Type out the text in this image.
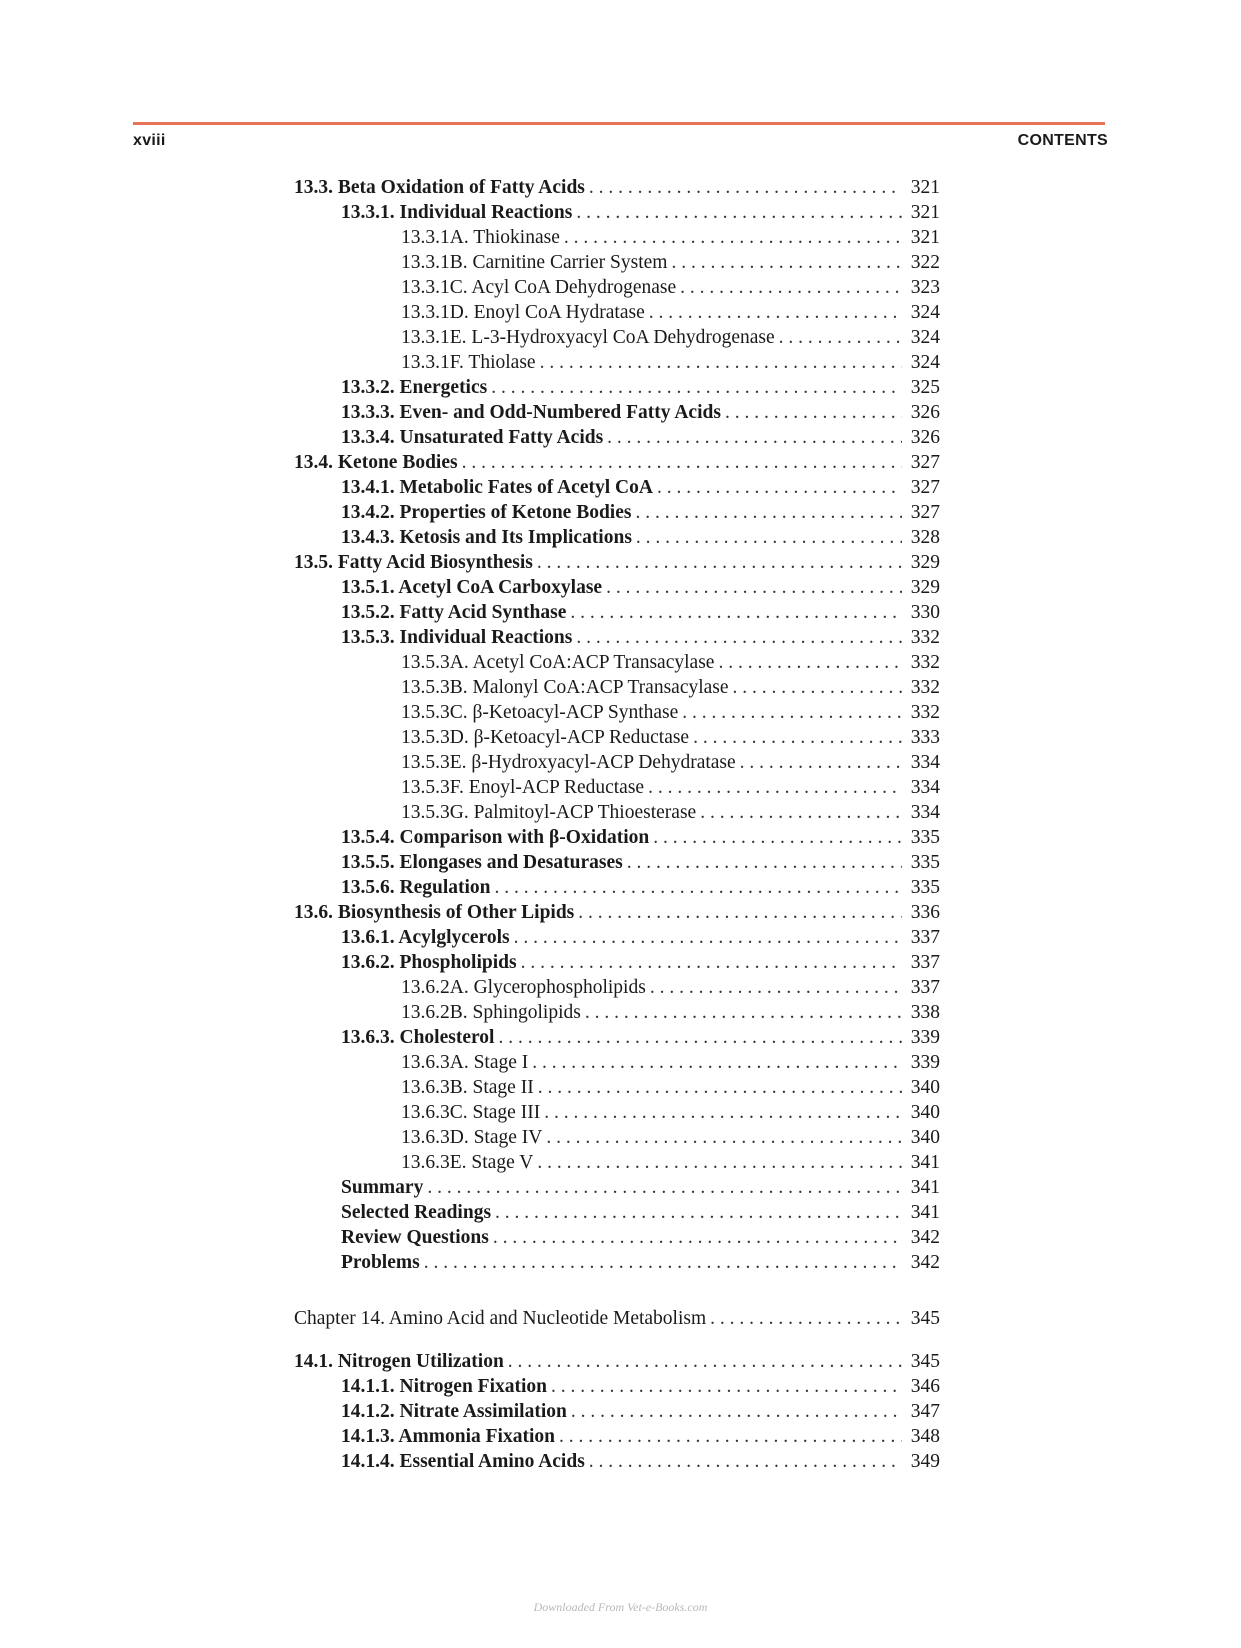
xviii	CONTENTS
13.3. Beta Oxidation of Fatty Acids . . .	321
13.3.1. Individual Reactions . . .	321
13.3.1A. Thiokinase . . .	321
13.3.1B. Carnitine Carrier System . . .	322
13.3.1C. Acyl CoA Dehydrogenase . . .	323
13.3.1D. Enoyl CoA Hydratase . . .	324
13.3.1E. L-3-Hydroxyacyl CoA Dehydrogenase . . .	324
13.3.1F. Thiolase . . .	324
13.3.2. Energetics . . .	325
13.3.3. Even- and Odd-Numbered Fatty Acids . . .	326
13.3.4. Unsaturated Fatty Acids . . .	326
13.4. Ketone Bodies . . .	327
13.4.1. Metabolic Fates of Acetyl CoA . . .	327
13.4.2. Properties of Ketone Bodies . . .	327
13.4.3. Ketosis and Its Implications . . .	328
13.5. Fatty Acid Biosynthesis . . .	329
13.5.1. Acetyl CoA Carboxylase . . .	329
13.5.2. Fatty Acid Synthase . . .	330
13.5.3. Individual Reactions . . .	332
13.5.3A. Acetyl CoA:ACP Transacylase . . .	332
13.5.3B. Malonyl CoA:ACP Transacylase . . .	332
13.5.3C. β-Ketoacyl-ACP Synthase . . .	332
13.5.3D. β-Ketoacyl-ACP Reductase . . .	333
13.5.3E. β-Hydroxyacyl-ACP Dehydratase . . .	334
13.5.3F. Enoyl-ACP Reductase . . .	334
13.5.3G. Palmitoyl-ACP Thioesterase . . .	334
13.5.4. Comparison with β-Oxidation . . .	335
13.5.5. Elongases and Desaturases . . .	335
13.5.6. Regulation . . .	335
13.6. Biosynthesis of Other Lipids . . .	336
13.6.1. Acylglycerols . . .	337
13.6.2. Phospholipids . . .	337
13.6.2A. Glycerophospholipids . . .	337
13.6.2B. Sphingolipids . . .	338
13.6.3. Cholesterol . . .	339
13.6.3A. Stage I . . .	339
13.6.3B. Stage II . . .	340
13.6.3C. Stage III . . .	340
13.6.3D. Stage IV . . .	340
13.6.3E. Stage V . . .	341
Summary . . .	341
Selected Readings . . .	341
Review Questions . . .	342
Problems . . .	342
Chapter 14. Amino Acid and Nucleotide Metabolism . . .	345
14.1. Nitrogen Utilization . . .	345
14.1.1. Nitrogen Fixation . . .	346
14.1.2. Nitrate Assimilation . . .	347
14.1.3. Ammonia Fixation . . .	348
14.1.4. Essential Amino Acids . . .	349
Downloaded From Vet-e-Books.com
